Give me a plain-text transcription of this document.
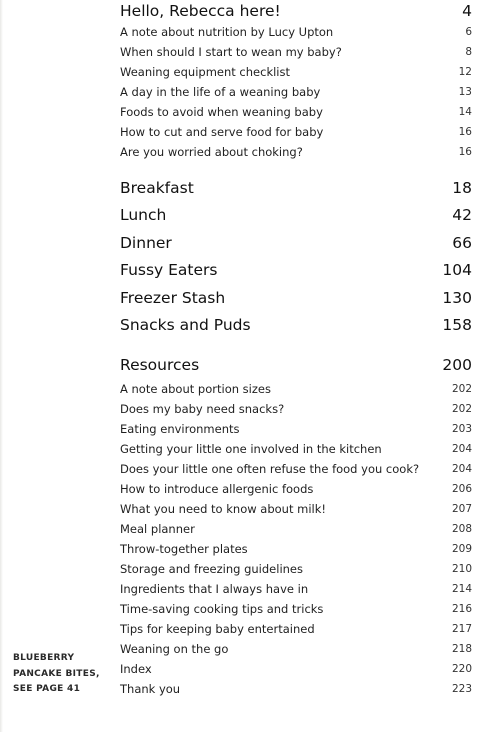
Hello, Rebecca here!	4
A note about nutrition by Lucy Upton	6
When should I start to wean my baby?	8
Weaning equipment checklist	12
A day in the life of a weaning baby	13
Foods to avoid when weaning baby	14
How to cut and serve food for baby	16
Are you worried about choking?	16
Breakfast	18
Lunch	42
Dinner	66
Fussy Eaters	104
Freezer Stash	130
Snacks and Puds	158
Resources	200
A note about portion sizes	202
Does my baby need snacks?	202
Eating environments	203
Getting your little one involved in the kitchen	204
Does your little one often refuse the food you cook?	204
How to introduce allergenic foods	206
What you need to know about milk!	207
Meal planner	208
Throw-together plates	209
Storage and freezing guidelines	210
Ingredients that I always have in	214
Time-saving cooking tips and tricks	216
Tips for keeping baby entertained	217
Weaning on the go	218
Index	220
Thank you	223
BLUEBERRY
PANCAKE BITES,
SEE PAGE 41
